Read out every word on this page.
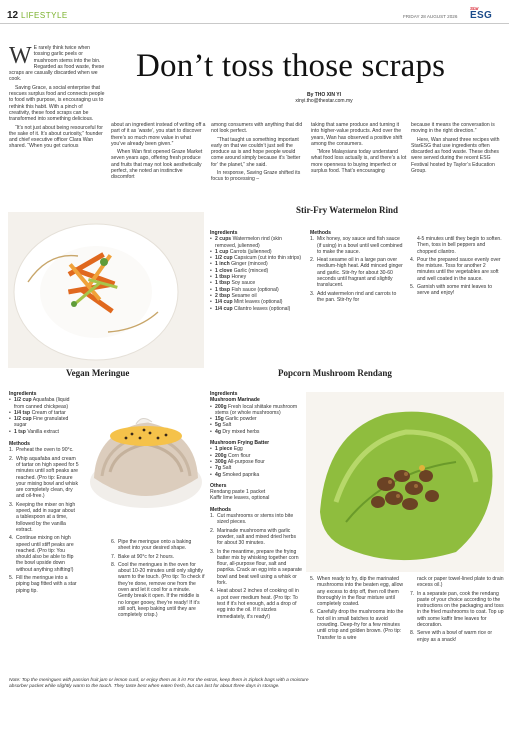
12 LIFESTYLE	FRIDAY 28 AUGUST 2026
Star
ESG
Don’t toss those scraps
By THO XIN YI
xinyi.tho@thestar.com.my
W E rarely think twice when tossing garlic peels or mushroom stems into the bin. Regarded as food waste, these scraps are casually discarded when we cook.

Saving Grace, a social enterprise that rescues surplus food and connects people to food with purpose, is encouraging us to rethink this habit. With a pinch of creativity, these food scraps can be transformed into something delicious.

“It’s not just about being resourceful for the sake of it. It’s about curiosity,” founder and chief executive officer Clara Wan shared. “When you get curious

about an ingredient instead of writing off a part of it as ‘waste’, you start to discover there’s so much more value in what you’ve already been given.”

When Wan first opened Graze Market seven years ago, offering fresh produce and fruits that may not look aesthetically perfect, she noted an instinctive discomfort

among consumers with anything that did not look perfect.

“That taught us something important early on that we couldn’t just sell the produce as is and hope people would come around simply because it’s ‘better for’ the planet,” she said.

In response, Saving Graze shifted its focus to processing –

taking that same produce and turning it into higher-value products. And over the years, Wan has observed a positive shift among the consumers.

“More Malaysians today understand what food loss actually is, and there’s a lot more openness to buying imperfect or surplus food. That’s encouraging

because it means the conversation is moving in the right direction.”

Here, Wan shared three recipes with StarESG that use ingredients often discarded as food waste. These dishes were served during the recent ESG Festival hosted by Taylor’s Education Group.

Stir-Fry Watermelon Rind
Ingredients
• 2 cups Watermelon rind (skin removed, julienned)
• 1 cup Carrots (julienned)
• 1/2 cup Capsicum (cut into thin strips)
• 1 inch Ginger (minced)
• 1 clove Garlic (minced)
• 1 tbsp Honey
• 1 tbsp Soy sauce
• 1 tbsp Fish sauce (optional)
• 2 tbsp Sesame oil
• 1/4 cup Mint leaves (optional)
• 1/4 cup Cilantro leaves (optional)
Methods
1. Mix honey, soy sauce and fish sauce (if using) in a bowl until well combined to make the sauce.
2. Heat sesame oil in a large pan over medium-high heat. Add minced ginger and garlic. Stir-fry for about 30-60 seconds until fragrant and slightly translucent.
3. Add watermelon rind and carrots to the pan. Stir-fry for
4-5 minutes until they begin to soften. Then, toss in bell peppers and chopped cilantro.
4. Pour the prepared sauce evenly over the mixture. Toss for another 2 minutes until the vegetables are soft and well coated in the sauce.
5. Garnish with some mint leaves to serve and enjoy!
Vegan Meringue
Ingredients
• 1/2 cup Aquafaba (liquid from canned chickpeas)
• 1/4 tsp Cream of tartar
• 1/2 cup Fine granulated sugar
• 1 tsp Vanilla extract
Methods
1. Preheat the oven to 90°c.
2. Whip aquafaba and cream of tartar on high speed for 5 minutes until soft peaks are reached. (Pro tip: Ensure your mixing bowl and whisk are completely clean, dry and oil-free.)
3. Keeping the mixer on high speed, add in sugar about a tablespoon at a time, followed by the vanilla extract.
4. Continue mixing on high speed until stiff peaks are reached. (Pro tip: You should also be able to flip the bowl upside down without anything shifting!)
5. Fill the meringue into a piping bag fitted with a star piping tip.
6. Pipe the meringue onto a baking sheet into your desired shape.
7. Bake at 90°c for 2 hours.
8. Cool the meringues in the oven for about 10-20 minutes until only slightly warm to the touch. (Pro tip: To check if they’re done, remove one from the oven and let it cool for a minute. Gently break it open. If the middle is no longer gooey, they’re ready! If it’s still soft, keep baking until they are completely crisp.)
Note: Top the meringues with passion fruit jam or lemon curd, or enjoy them as it is! For the extras, keep them in ziplock bags with a moisture absorber packet while slightly warm to the touch. They taste best when eaten fresh, but can last for about three days in storage.
Popcorn Mushroom Rendang
Ingredients
Mushroom Marinade
• 200g Fresh local shiitake mushroom stems (or whole mushrooms)
• 15g Garlic powder
• 5g Salt
• 4g Dry mixed herbs
Mushroom Frying Batter
• 1 piece Egg
• 200g Corn flour
• 300g All-purpose flour
• 7g Salt
• 4g Smoked paprika
Others
Rendang paste 1 packet
Kaffir lime leaves, optional
Methods
1. Cut mushrooms or stems into bite sized pieces.
2. Marinade mushrooms with garlic powder, salt and mixed dried herbs for about 30 minutes.
3. In the meantime, prepare the frying batter mix by whisking together corn flour, all-purpose flour, salt and paprika. Crack an egg into a separate bowl and beat well using a whisk or fork.
4. Heat about 2 inches of cooking oil in a pot over medium heat. (Pro tip: To test if it’s hot enough, add a drop of egg into the oil. If it sizzles immediately, it’s ready!)
5. When ready to fry, dip the marinated mushrooms into the beaten egg, allow any excess to drip off, then roll them thoroughly in the flour mixture until completely coated.
6. Carefully drop the mushrooms into the hot oil in small batches to avoid crowding. Deep-fry for a few minutes until crisp and golden brown. (Pro tip: Transfer to a wire
rack or paper towel-lined plate to drain excess oil.)
7. In a separate pan, cook the rendang paste of your choice according to the instructions on the packaging and toss in the fried mushrooms to coat. Top up with some kaffir lime leaves for decoration.
8. Serve with a bowl of warm rice or enjoy as a snack!
